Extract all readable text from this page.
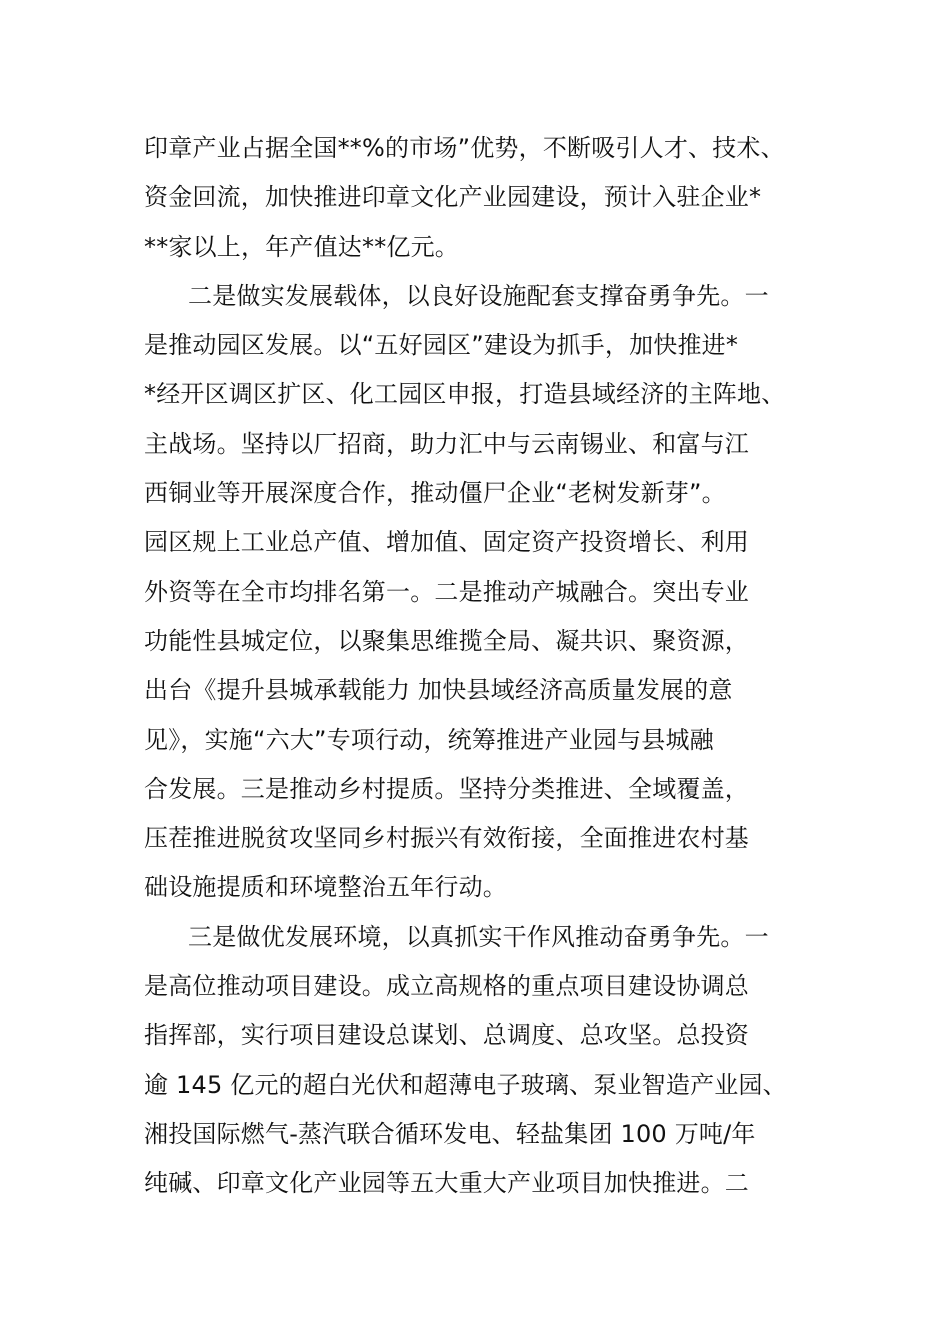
印章产业占据全国**%的市场”优势，不断吸引人才、技术、
资金回流，加快推进印章文化产业园建设，预计入驻企业*
**家以上，年产值达**亿元。
二是做实发展载体，以良好设施配套支撑奋勇争先。一
是推动园区发展。以“五好园区”建设为抓手，加快推进*
*经开区调区扩区、化工园区申报，打造县域经济的主阵地、
主战场。坚持以厂招商，助力汇中与云南锡业、和富与江
西铜业等开展深度合作，推动僵尸企业“老树发新芽”。
园区规上工业总产值、增加值、固定资产投资增长、利用
外资等在全市均排名第一。二是推动产城融合。突出专业
功能性县城定位，以聚集思维揽全局、凝共识、聚资源，
出台《提升县城承载能力 加快县域经济高质量发展的意
见》，实施“六大”专项行动，统筹推进产业园与县城融
合发展。三是推动乡村提质。坚持分类推进、全域覆盖，
压茬推进脱贫攻坚同乡村振兴有效衔接，全面推进农村基
础设施提质和环境整治五年行动。
三是做优发展环境，以真抓实干作风推动奋勇争先。一
是高位推动项目建设。成立高规格的重点项目建设协调总
指挥部，实行项目建设总谋划、总调度、总攻坚。总投资
逾 145 亿元的超白光伏和超薄电子玻璃、泵业智造产业园、
湘投国际燃气-蒸汽联合循环发电、轻盐集团 100 万吨/年
纯碱、印章文化产业园等五大重大产业项目加快推进。二
